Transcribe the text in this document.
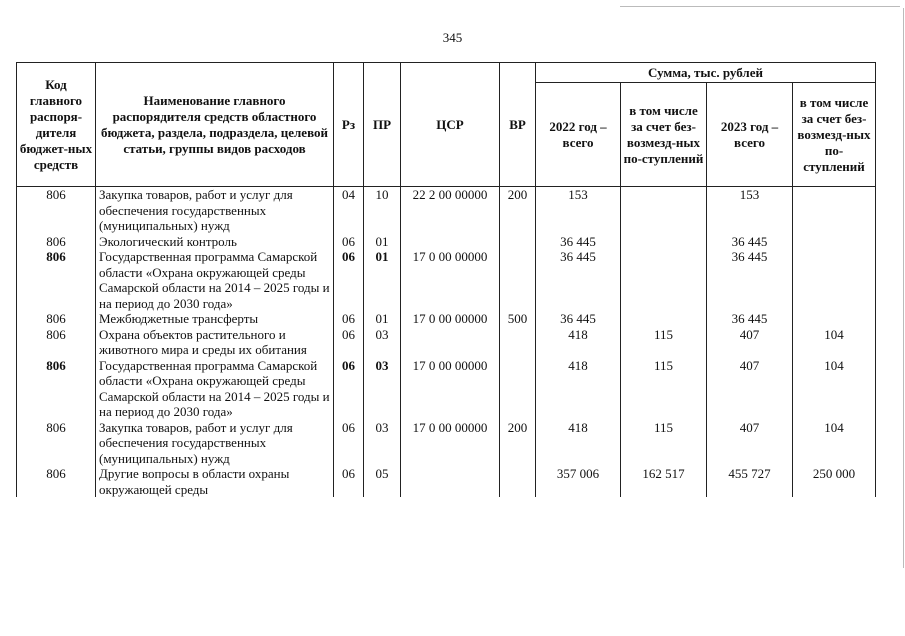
345
Код главного распоря-дителя бюджет-ных средств	Наименование главного распорядителя средств областного бюджета, раздела, подраздела, целевой статьи, группы видов расходов	Рз	ПР	ЦСР	ВР	Сумма, тыс. рублей			
						2022 год – всего	в том числе за счет без-возмезд-ных по-ступлений	2023 год – всего	в том числе за счет без-возмезд-ных по-ступлений
806	Закупка товаров, работ и услуг для обеспечения государственных (муниципальных) нужд	04	10	22 2 00 00000	200	153		153	
806	Экологический контроль	06	01			36 445		36 445	
806	Государственная программа Самарской области «Охрана окружающей среды Самарской области на 2014 – 2025 годы и на период до 2030 года»	06	01	17 0 00 00000		36 445		36 445	
806	Межбюджетные трансферты	06	01	17 0 00 00000	500	36 445		36 445	
806	Охрана объектов растительного и животного мира и среды их обитания	06	03			418	115	407	104
806	Государственная программа Самарской области «Охрана окружающей среды Самарской области на 2014 – 2025 годы и на период до 2030 года»	06	03	17 0 00 00000		418	115	407	104
806	Закупка товаров, работ и услуг для обеспечения государственных (муниципальных) нужд	06	03	17 0 00 00000	200	418	115	407	104
806	Другие вопросы в области охраны окружающей среды	06	05			357 006	162 517	455 727	250 000
